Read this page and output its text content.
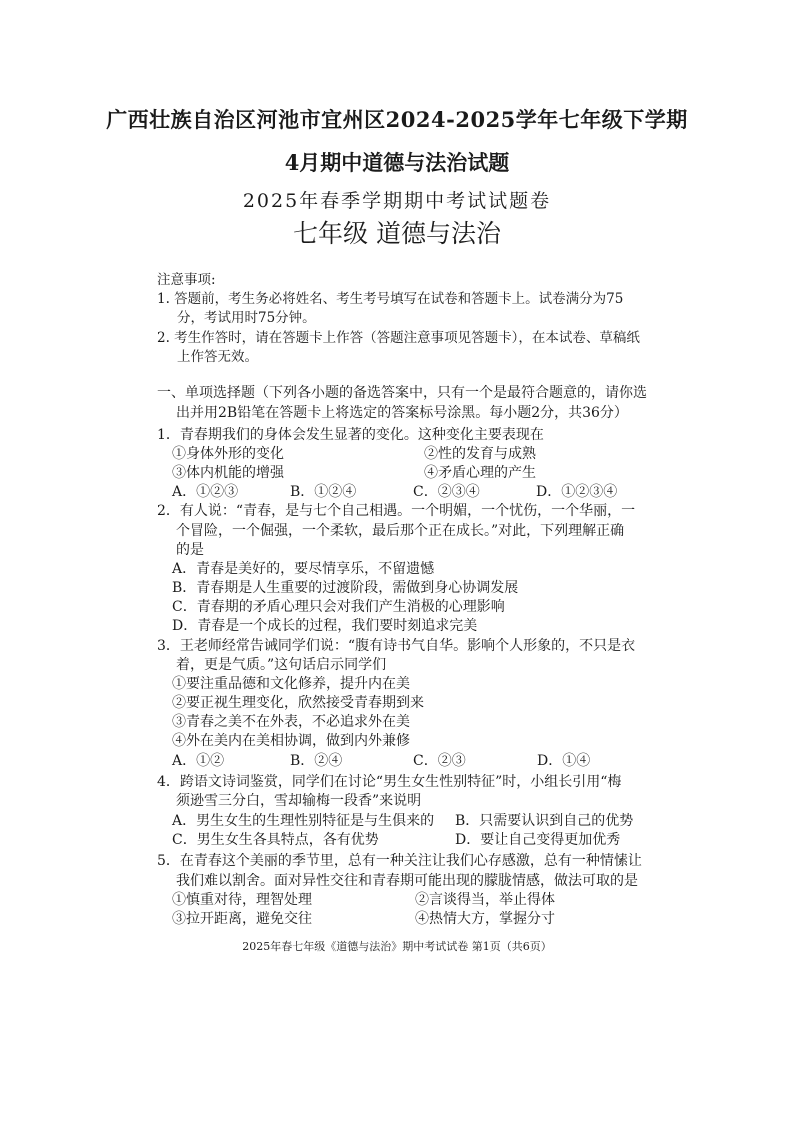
广西壮族自治区河池市宜州区2024-2025学年七年级下学期
4月期中道德与法治试题
2025年春季学期期中考试试题卷
七年级 道德与法治
注意事项:
1. 答题前，考生务必将姓名、考生考号填写在试卷和答题卡上。试卷满分为75
分，考试用时75分钟。
2. 考生作答时，请在答题卡上作答（答题注意事项见答题卡），在本试卷、草稿纸
上作答无效。
一、单项选择题（下列各小题的备选答案中，只有一个是最符合题意的，请你选
出并用2B铅笔在答题卡上将选定的答案标号涂黑。每小题2分，共36分）
1．青春期我们的身体会发生显著的变化。这种变化主要表现在
①身体外形的变化	②性的发育与成熟
③体内机能的增强	④矛盾心理的产生
A．①②③	B．①②④	C．②③④	D．①②③④
2．有人说：“青春，是与七个自己相遇。一个明媚，一个忧伤，一个华丽，一
个冒险，一个倔强，一个柔软，最后那个正在成长。”对此，下列理解正确
的是
A．青春是美好的，要尽情享乐，不留遗憾
B．青春期是人生重要的过渡阶段，需做到身心协调发展
C．青春期的矛盾心理只会对我们产生消极的心理影响
D．青春是一个成长的过程，我们要时刻追求完美
3．王老师经常告诫同学们说：“腹有诗书气自华。影响个人形象的，不只是衣
着，更是气质。”这句话启示同学们
①要注重品德和文化修养，提升内在美
②要正视生理变化，欣然接受青春期到来
③青春之美不在外表，不必追求外在美
④外在美内在美相协调，做到内外兼修
A．①②	B．②④	C．②③	D．①④
4．跨语文诗词鉴赏，同学们在讨论“男生女生性别特征”时，小组长引用“梅
须逊雪三分白，雪却输梅一段香”来说明
A．男生女生的生理性别特征是与生俱来的 B．只需要认识到自己的优势
C．男生女生各具特点，各有优势	D．要让自己变得更加优秀
5．在青春这个美丽的季节里，总有一种关注让我们心存感激，总有一种情愫让
我们难以割舍。面对异性交往和青春期可能出现的朦胧情感，做法可取的是
①慎重对待，理智处理	②言谈得当，举止得体
③拉开距离，避免交往	④热情大方，掌握分寸
2025年春七年级《道德与法治》期中考试试卷 第1页（共6页）
